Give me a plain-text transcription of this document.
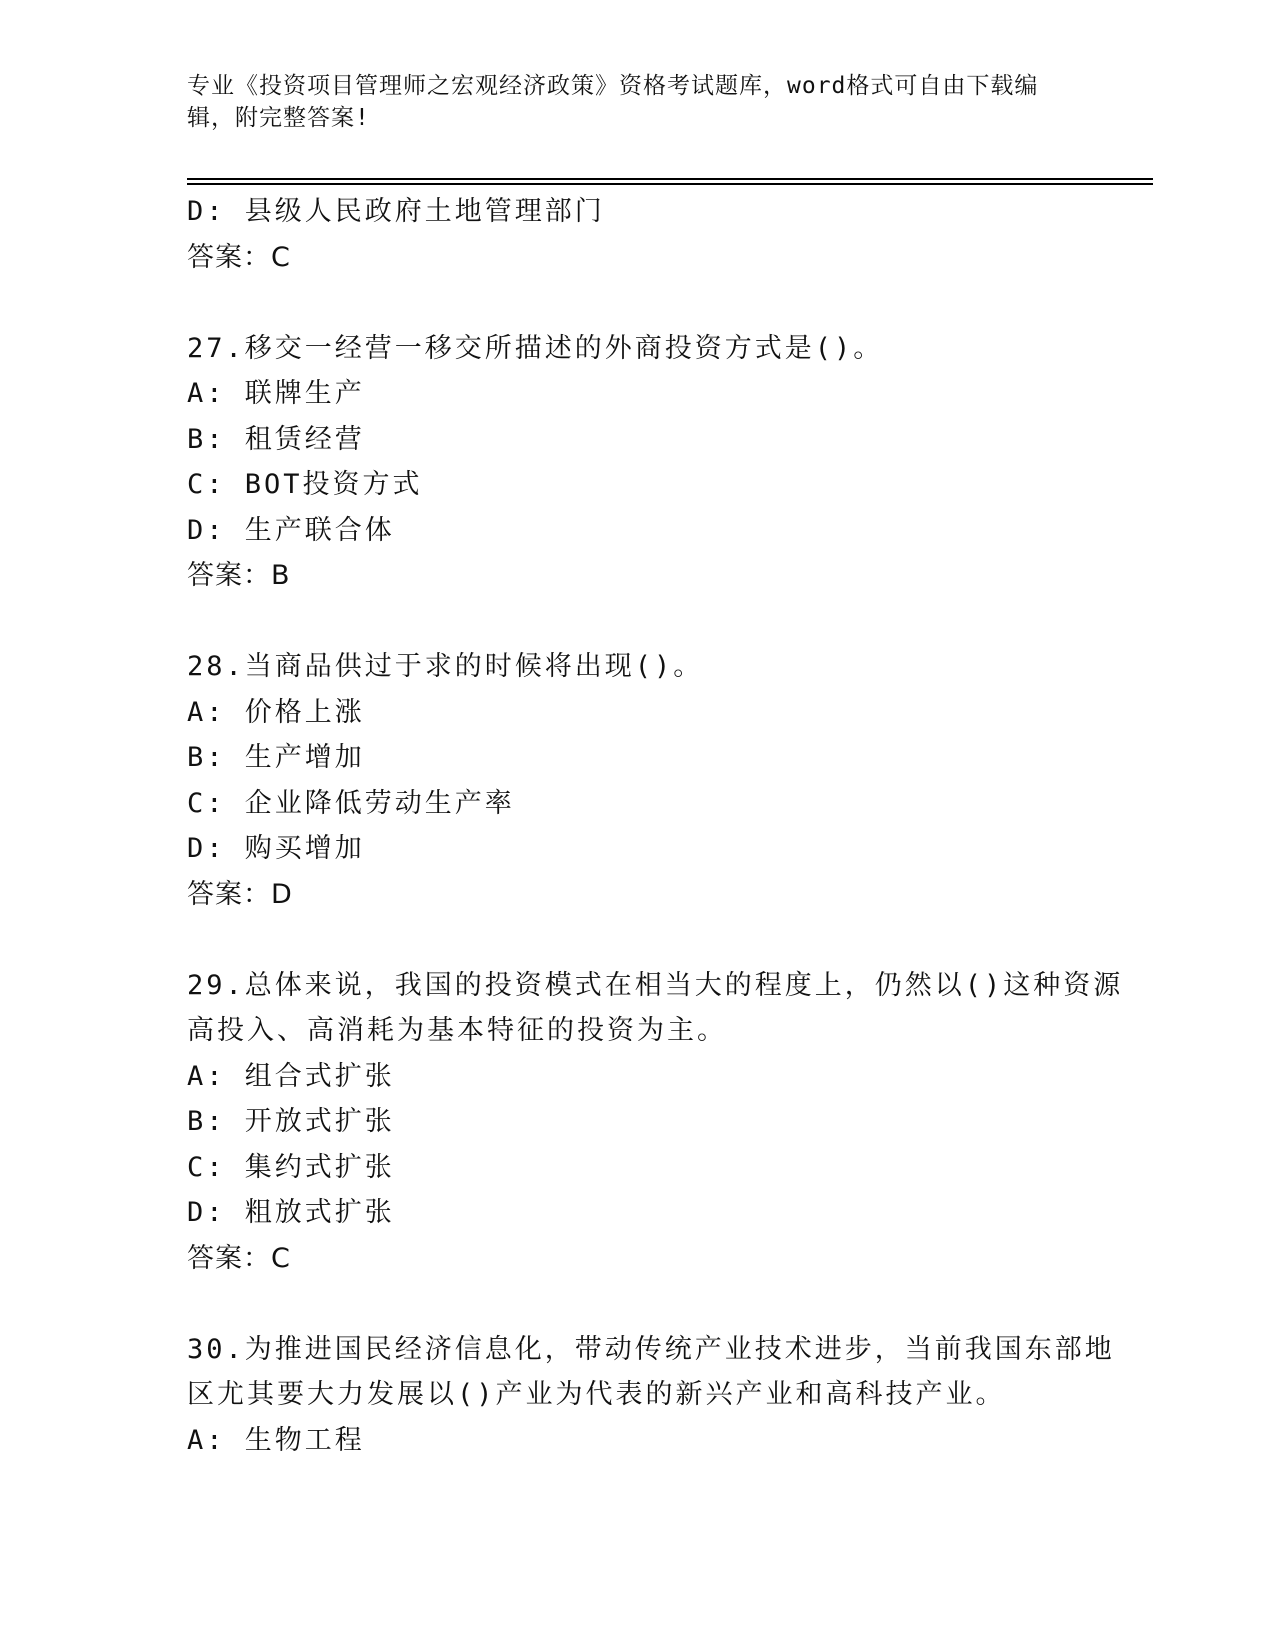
专业《投资项目管理师之宏观经济政策》资格考试题库，word格式可自由下载编
辑，附完整答案!
D: 县级人民政府土地管理部门
答案：C
27.移交一经营一移交所描述的外商投资方式是()。
A: 联牌生产
B: 租赁经营
C: BOT投资方式
D: 生产联合体
答案：B
28.当商品供过于求的时候将出现()。
A: 价格上涨
B: 生产增加
C: 企业降低劳动生产率
D: 购买增加
答案：D
29.总体来说，我国的投资模式在相当大的程度上，仍然以()这种资源
高投入、高消耗为基本特征的投资为主。
A: 组合式扩张
B: 开放式扩张
C: 集约式扩张
D: 粗放式扩张
答案：C
30.为推进国民经济信息化，带动传统产业技术进步，当前我国东部地
区尤其要大力发展以()产业为代表的新兴产业和高科技产业。
A: 生物工程
